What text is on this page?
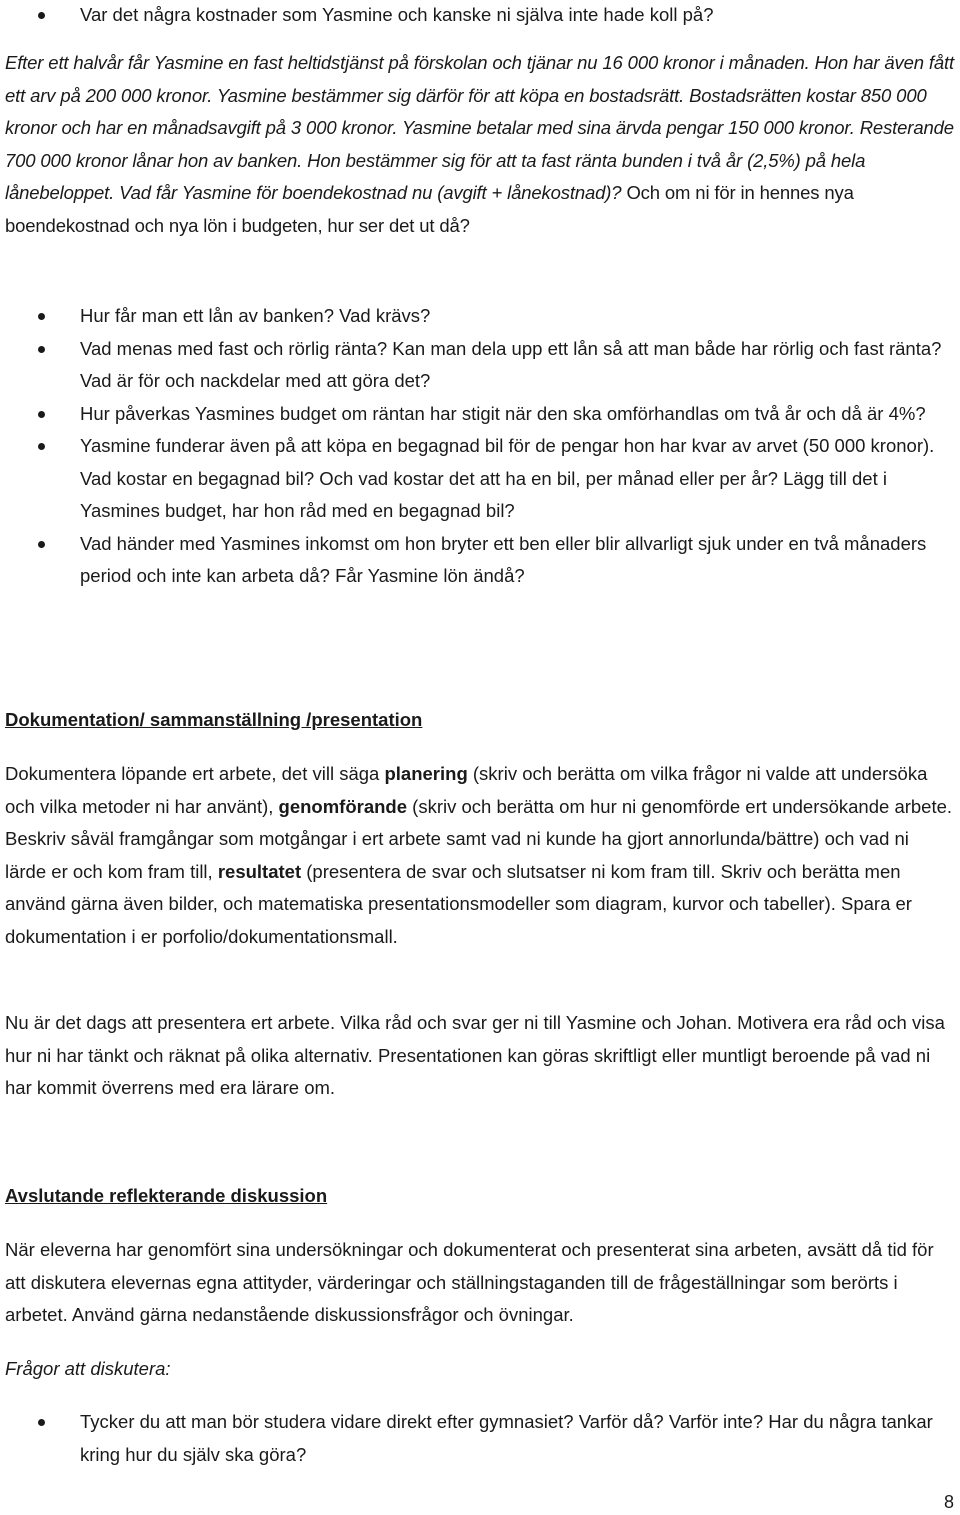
Var det några kostnader som Yasmine och kanske ni själva inte hade koll på?

Efter ett halvår får Yasmine en fast heltidstjänst på förskolan och tjänar nu 16 000 kronor i månaden. Hon har även fått ett arv på 200 000 kronor. Yasmine bestämmer sig därför för att köpa en bostadsrätt. Bostadsrätten kostar 850 000 kronor och har en månadsavgift på 3 000 kronor. Yasmine betalar med sina ärvda pengar 150 000 kronor. Resterande 700 000 kronor lånar hon av banken. Hon bestämmer sig för att ta fast ränta bunden i två år (2,5%) på hela lånebeloppet. Vad får Yasmine för boendekostnad nu (avgift + lånekostnad)? Och om ni för in hennes nya boendekostnad och nya lön i budgeten, hur ser det ut då?

Hur får man ett lån av banken? Vad krävs?
Vad menas med fast och rörlig ränta? Kan man dela upp ett lån så att man både har rörlig och fast ränta? Vad är för och nackdelar med att göra det?
Hur påverkas Yasmines budget om räntan har stigit när den ska omförhandlas om två år och då är 4%?
Yasmine funderar även på att köpa en begagnad bil för de pengar hon har kvar av arvet (50 000 kronor). Vad kostar en begagnad bil? Och vad kostar det att ha en bil, per månad eller per år? Lägg till det i Yasmines budget, har hon råd med en begagnad bil?
Vad händer med Yasmines inkomst om hon bryter ett ben eller blir allvarligt sjuk under en två månaders period och inte kan arbeta då? Får Yasmine lön ändå?

Dokumentation/ sammanställning /presentation

Dokumentera löpande ert arbete, det vill säga planering (skriv och berätta om vilka frågor ni valde att undersöka och vilka metoder ni har använt), genomförande (skriv och berätta om hur ni genomförde ert undersökande arbete. Beskriv såväl framgångar som motgångar i ert arbete samt vad ni kunde ha gjort annorlunda/bättre) och vad ni lärde er och kom fram till, resultatet (presentera de svar och slutsatser ni kom fram till. Skriv och berätta men använd gärna även bilder, och matematiska presentationsmodeller som diagram, kurvor och tabeller). Spara er dokumentation i er porfolio/dokumentationsmall.

Nu är det dags att presentera ert arbete. Vilka råd och svar ger ni till Yasmine och Johan. Motivera era råd och visa hur ni har tänkt och räknat på olika alternativ. Presentationen kan göras skriftligt eller muntligt beroende på vad ni har kommit överrens med era lärare om.

Avslutande reflekterande diskussion

När eleverna har genomfört sina undersökningar och dokumenterat och presenterat sina arbeten, avsätt då tid för att diskutera elevernas egna attityder, värderingar och ställningstaganden till de frågeställningar som berörts i arbetet. Använd gärna nedanstående diskussionsfrågor och övningar.

Frågor att diskutera:

Tycker du att man bör studera vidare direkt efter gymnasiet? Varför då? Varför inte? Har du några tankar kring hur du själv ska göra?
8
